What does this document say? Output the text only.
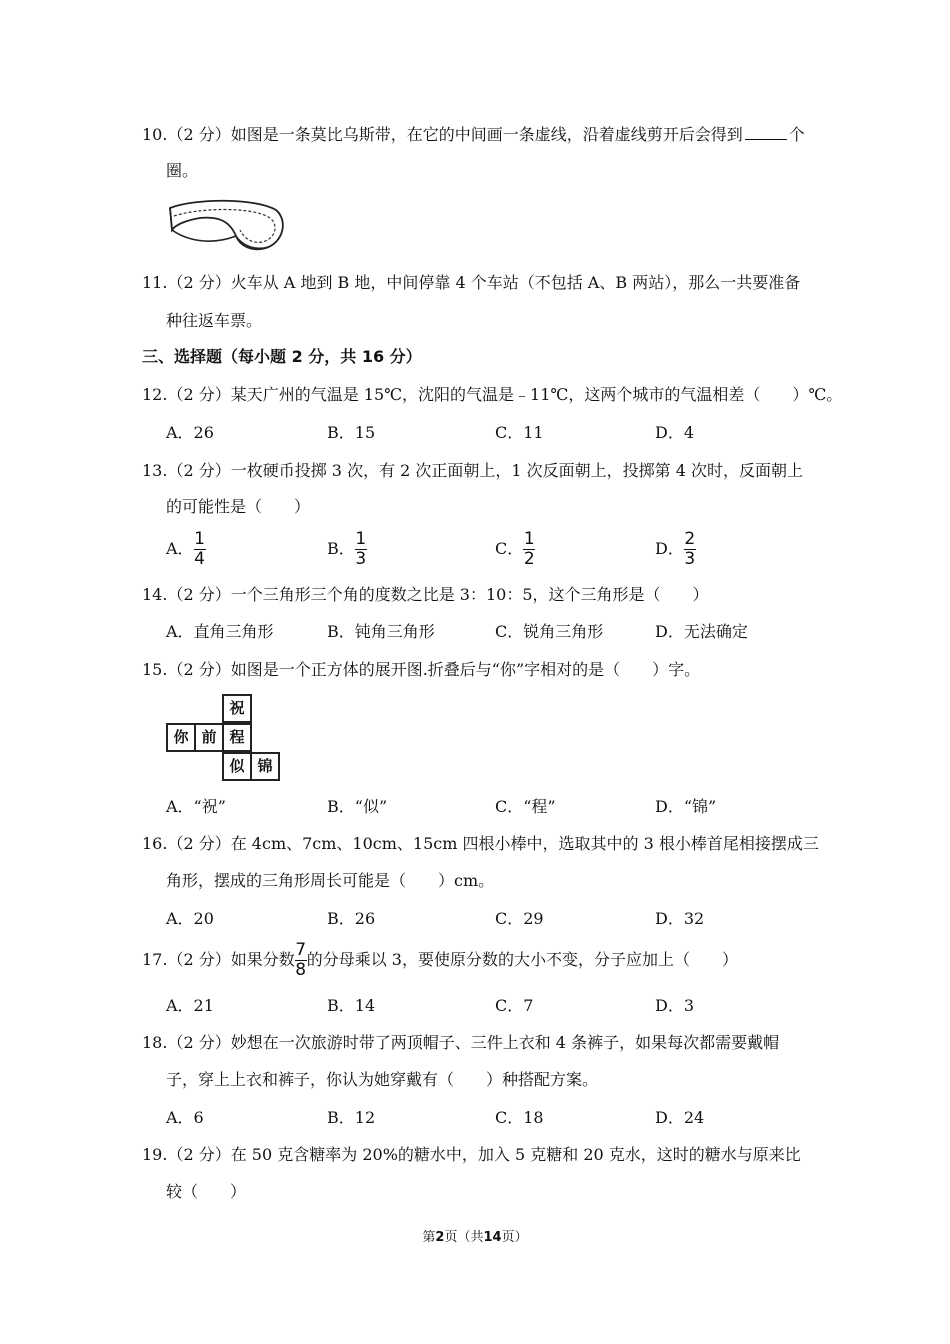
10.（2 分）如图是一条莫比乌斯带，在它的中间画一条虚线，沿着虚线剪开后会得到	个
圈。
11.（2 分）火车从 A 地到 B 地，中间停靠 4 个车站（不包括 A、B 两站），那么一共要准备
种往返车票。
三、选择题（每小题 2 分，共 16 分）
12.（2 分）某天广州的气温是 15℃，沈阳的气温是﹣11℃，这两个城市的气温相差（　　）℃。
A．26	B．15	C．11	D．4
13.（2 分）一枚硬币投掷 3 次，有 2 次正面朝上，1 次反面朝上，投掷第 4 次时，反面朝上
的可能性是（　　）
A． $\frac{1}{4}$	B． $\frac{1}{3}$	C． $\frac{1}{2}$	D． $\frac{2}{3}$
14.（2 分）一个三角形三个角的度数之比是 3：10：5，这个三角形是（　　）
A．直角三角形	B．钝角三角形	C．锐角三角形	D．无法确定
15.（2 分）如图是一个正方体的展开图.折叠后与“你”字相对的是（　　）字。
祝
你 前 程
似 锦
A．“祝”	B．“似”	C．“程”	D．“锦”
16.（2 分）在 4cm、7cm、10cm、15cm 四根小棒中，选取其中的 3 根小棒首尾相接摆成三
角形，摆成的三角形周长可能是（　　）cm。
A．20	B．26	C．29	D．32
17.（2 分）如果分数 $\frac{7}{8}$ 的分母乘以 3，要使原分数的大小不变，分子应加上（　　）
A．21	B．14	C．7	D．3
18.（2 分）妙想在一次旅游时带了两顶帽子、三件上衣和 4 条裤子，如果每次都需要戴帽
子，穿上上衣和裤子，你认为她穿戴有（　　）种搭配方案。
A．6	B．12	C．18	D．24
19.（2 分）在 50 克含糖率为 20%的糖水中，加入 5 克糖和 20 克水，这时的糖水与原来比
较（　　）
第2页（共14页）
